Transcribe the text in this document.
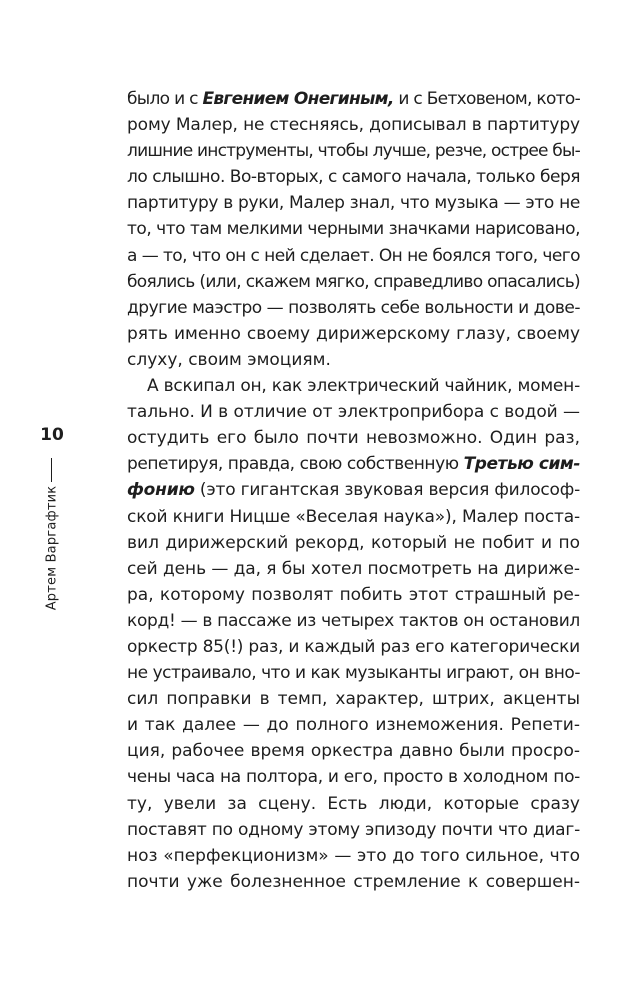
10
Артем Варгафтик
было и с Евгением Онегиным, и с Бетховеном, кото-
рому Малер, не стесняясь, дописывал в партитуру
лишние инструменты, чтобы лучше, резче, острее бы-
ло слышно. Во-вторых, с самого начала, только беря
партитуру в руки, Малер знал, что музыка — это не
то, что там мелкими черными значками нарисовано,
а — то, что он с ней сделает. Он не боялся того, чего
боялись (или, скажем мягко, справедливо опасались)
другие маэстро — позволять себе вольности и дове-
рять именно своему дирижерскому глазу, своему
слуху, своим эмоциям.
А вскипал он, как электрический чайник, момен-
тально. И в отличие от электроприбора с водой —
остудить его было почти невозможно. Один раз,
репетируя, правда, свою собственную Третью сим-
фонию (это гигантская звуковая версия философ-
ской книги Ницше «Веселая наука»), Малер поста-
вил дирижерский рекорд, который не побит и по
сей день — да, я бы хотел посмотреть на дирижe-
ра, которому позволят побить этот страшный ре-
корд! — в пассаже из четырех тактов он остановил
оркестр 85(!) раз, и каждый раз его категорически
не устраивало, что и как музыканты играют, он вно-
сил поправки в темп, характер, штрих, акценты
и так далее — до полного изнеможения. Репети-
ция, рабочее время оркестра давно были просро-
чены часа на полтора, и его, просто в холодном по-
ту, увели за сцену. Есть люди, которые сразу
поставят по одному этому эпизоду почти что диаг-
ноз «перфекционизм» — это до того сильное, что
почти уже болезненное стремление к совершен-
